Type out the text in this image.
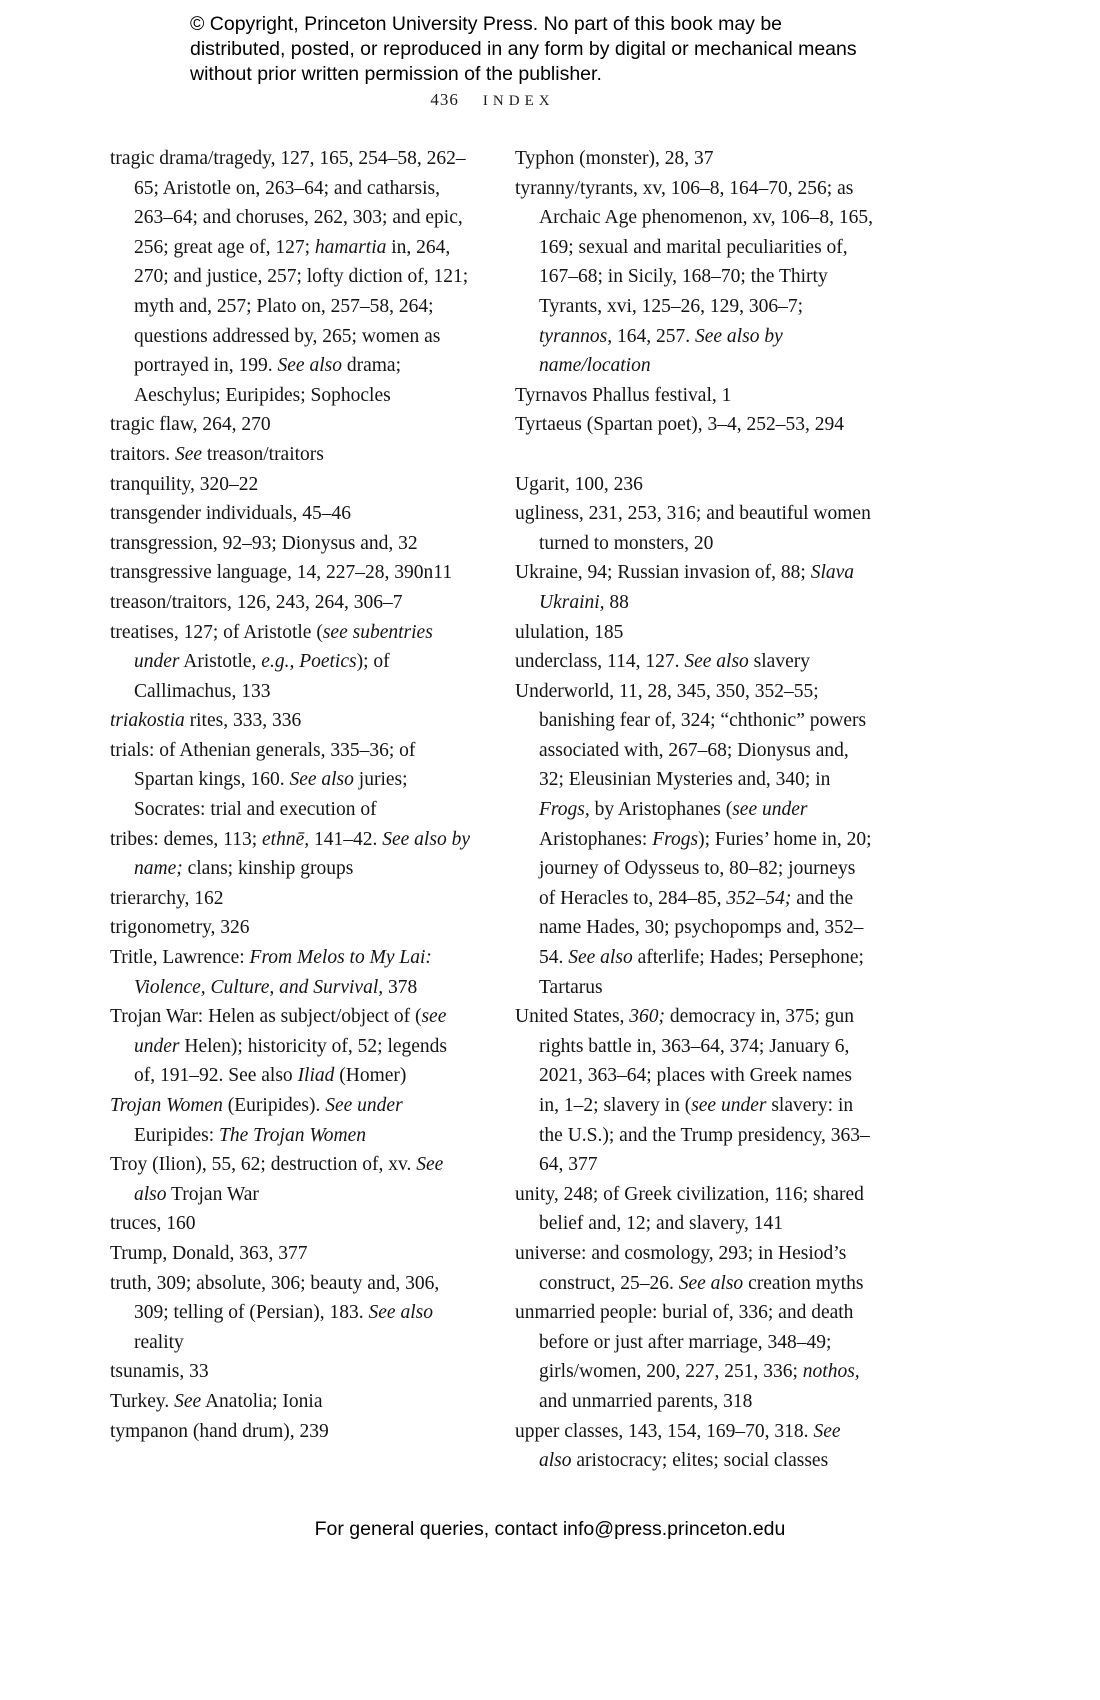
© Copyright, Princeton University Press. No part of this book may be distributed, posted, or reproduced in any form by digital or mechanical means without prior written permission of the publisher.
436 INDEX
tragic drama/tragedy, 127, 165, 254–58, 262–65; Aristotle on, 263–64; and catharsis, 263–64; and choruses, 262, 303; and epic, 256; great age of, 127; hamartia in, 264, 270; and justice, 257; lofty diction of, 121; myth and, 257; Plato on, 257–58, 264; questions addressed by, 265; women as portrayed in, 199. See also drama; Aeschylus; Euripides; Sophocles
tragic flaw, 264, 270
traitors. See treason/traitors
tranquility, 320–22
transgender individuals, 45–46
transgression, 92–93; Dionysus and, 32
transgressive language, 14, 227–28, 390n11
treason/traitors, 126, 243, 264, 306–7
treatises, 127; of Aristotle (see subentries under Aristotle, e.g., Poetics); of Callimachus, 133
triakostia rites, 333, 336
trials: of Athenian generals, 335–36; of Spartan kings, 160. See also juries; Socrates: trial and execution of
tribes: demes, 113; ethnē, 141–42. See also by name; clans; kinship groups
trierarchy, 162
trigonometry, 326
Tritle, Lawrence: From Melos to My Lai: Violence, Culture, and Survival, 378
Trojan War: Helen as subject/object of (see under Helen); historicity of, 52; legends of, 191–92. See also Iliad (Homer)
Trojan Women (Euripides). See under Euripides: The Trojan Women
Troy (Ilion), 55, 62; destruction of, xv. See also Trojan War
truces, 160
Trump, Donald, 363, 377
truth, 309; absolute, 306; beauty and, 306, 309; telling of (Persian), 183. See also reality
tsunamis, 33
Turkey. See Anatolia; Ionia
tympanon (hand drum), 239
Typhon (monster), 28, 37
tyranny/tyrants, xv, 106–8, 164–70, 256; as Archaic Age phenomenon, xv, 106–8, 165, 169; sexual and marital peculiarities of, 167–68; in Sicily, 168–70; the Thirty Tyrants, xvi, 125–26, 129, 306–7; tyrannos, 164, 257. See also by name/location
Tyrnavos Phallus festival, 1
Tyrtaeus (Spartan poet), 3–4, 252–53, 294
Ugarit, 100, 236
ugliness, 231, 253, 316; and beautiful women turned to monsters, 20
Ukraine, 94; Russian invasion of, 88; Slava Ukraini, 88
ululation, 185
underclass, 114, 127. See also slavery
Underworld, 11, 28, 345, 350, 352–55; banishing fear of, 324; “chthonic” powers associated with, 267–68; Dionysus and, 32; Eleusinian Mysteries and, 340; in Frogs, by Aristophanes (see under Aristophanes: Frogs); Furies’ home in, 20; journey of Odysseus to, 80–82; journeys of Heracles to, 284–85, 352–54; and the name Hades, 30; psychopomps and, 352–54. See also afterlife; Hades; Persephone; Tartarus
United States, 360; democracy in, 375; gun rights battle in, 363–64, 374; January 6, 2021, 363–64; places with Greek names in, 1–2; slavery in (see under slavery: in the U.S.); and the Trump presidency, 363–64, 377
unity, 248; of Greek civilization, 116; shared belief and, 12; and slavery, 141
universe: and cosmology, 293; in Hesiod’s construct, 25–26. See also creation myths
unmarried people: burial of, 336; and death before or just after marriage, 348–49; girls/women, 200, 227, 251, 336; nothos, and unmarried parents, 318
upper classes, 143, 154, 169–70, 318. See also aristocracy; elites; social classes
For general queries, contact info@press.princeton.edu
